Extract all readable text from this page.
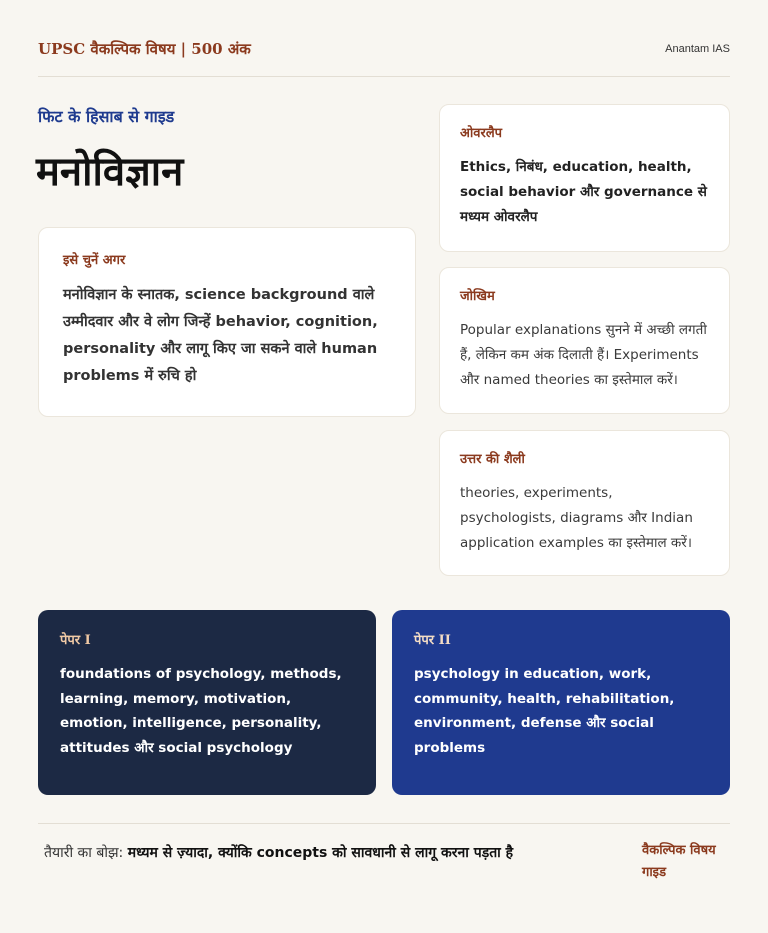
UPSC वैकल्पिक विषय | 500 अंक	Anantam IAS
फिट के हिसाब से गाइड
मनोविज्ञान
इसे चुनें अगर
मनोविज्ञान के स्नातक, science background वाले उम्मीदवार और वे लोग जिन्हें behavior, cognition, personality और लागू किए जा सकने वाले human problems में रुचि हो
ओवरलैप
Ethics, निबंध, education, health, social behavior और governance से मध्यम ओवरलैप
जोखिम
Popular explanations सुनने में अच्छी लगती हैं, लेकिन कम अंक दिलाती हैं। Experiments और named theories का इस्तेमाल करें।
उत्तर की शैली
theories, experiments, psychologists, diagrams और Indian application examples का इस्तेमाल करें।
पेपर I
foundations of psychology, methods, learning, memory, motivation, emotion, intelligence, personality, attitudes और social psychology
पेपर II
psychology in education, work, community, health, rehabilitation, environment, defense और social problems
तैयारी का बोझ: मध्यम से ज़्यादा, क्योंकि concepts को सावधानी से लागू करना पड़ता है	वैकल्पिक विषय गाइड
